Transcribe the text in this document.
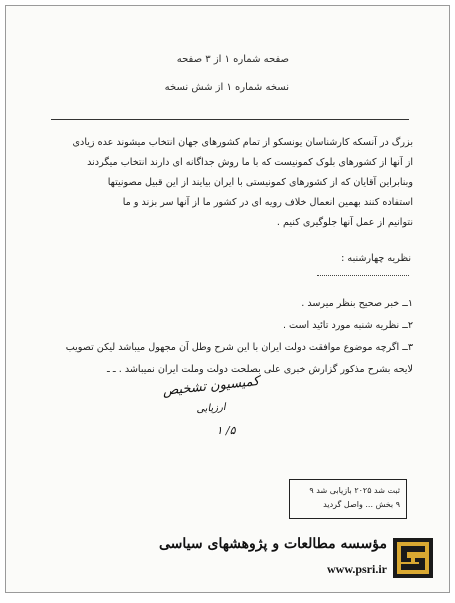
صفحه شماره ۱ از ۳ صفحه
نسخه شماره ۱ از شش نسخه
بزرگ در آنسکه کارشناسان یونسکو از تمام کشورهای جهان انتخاب میشوند عده زیادی
از آنها از کشورهای بلوک کمونیست که با ما روش جداگانه ای دارند انتخاب میگردند
وبنابراین آقایان که از کشورهای کمونیستی با ایران بیایند از این قبیل مصونیتها
استفاده کنند بهمین انعمال خلاف رویه ای در کشور ما از آنها سر بزند و ما
نتوانیم از عمل آنها جلوگیری کنیم .
نظریه چهارشنبه :
۱ــ خبر صحیح بنظر میرسد .
۲ــ نظریه شنبه مورد تائید است .
۳ــ اگرچه موضوع موافقت دولت ایران با این شرح وطل آن مجهول میباشد لیکن تصویب
لایحه بشرح مذکور گزارش خبری علی بصلحت دولت وملت ایران نمیباشد . ـ ـ
کمیسیون تشخیص
ارزیابی
۵/ ۱
ثبت شد ۲۰۲۵ بازیابی شد ۹
۹ بخش ... واصل گردید
مؤسسه مطالعات و پژوهشهای سیاسی
www.psri.ir
